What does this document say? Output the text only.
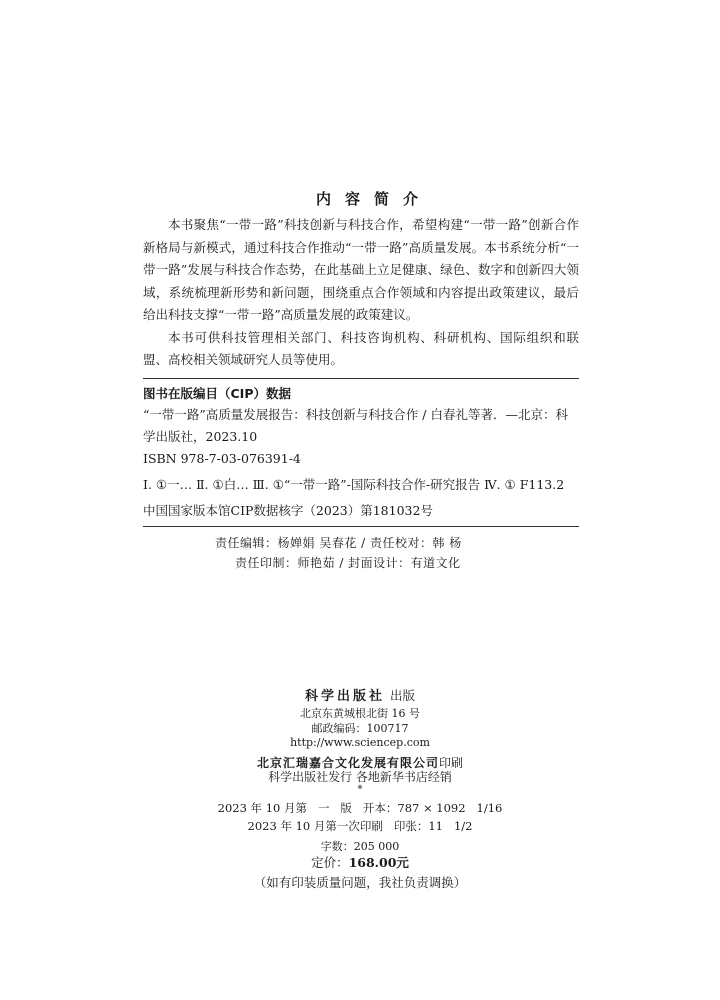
内容简介

本书聚焦“一带一路”科技创新与科技合作，希望构建“一带一路”创新合作新格局与新模式，通过科技合作推动“一带一路”高质量发展。本书系统分析“一带一路”发展与科技合作态势，在此基础上立足健康、绿色、数字和创新四大领域，系统梳理新形势和新问题，围绕重点合作领域和内容提出政策建议，最后给出科技支撑“一带一路”高质量发展的政策建议。

本书可供科技管理相关部门、科技咨询机构、科研机构、国际组织和联盟、高校相关领域研究人员等使用。

图书在版编目（CIP）数据

“一带一路”高质量发展报告：科技创新与科技合作 / 白春礼等著．—北京：科学出版社，2023.10

ISBN 978-7-03-076391-4
Ⅰ. ①一… Ⅱ. ①白… Ⅲ. ①“一带一路”-国际科技合作-研究报告 Ⅳ. ① F113.2
中国国家版本馆CIP数据核字（2023）第181032号
责任编辑：杨婵娟 吴春花 / 责任校对：韩 杨
责任印制：师艳茹 / 封面设计：有道文化
科学出版社 出版
北京东黄城根北街 16 号
邮政编码：100717
http://www.sciencep.com
北京汇瑞嘉合文化发展有限公司印刷
科学出版社发行 各地新华书店经销
*
2023 年 10 月第   一   版   开本：787 × 1092   1/16
2023 年 10 月第一次印刷   印张：11   1/2
字数：205 000
定价：168.00元
（如有印装质量问题，我社负责调换）
